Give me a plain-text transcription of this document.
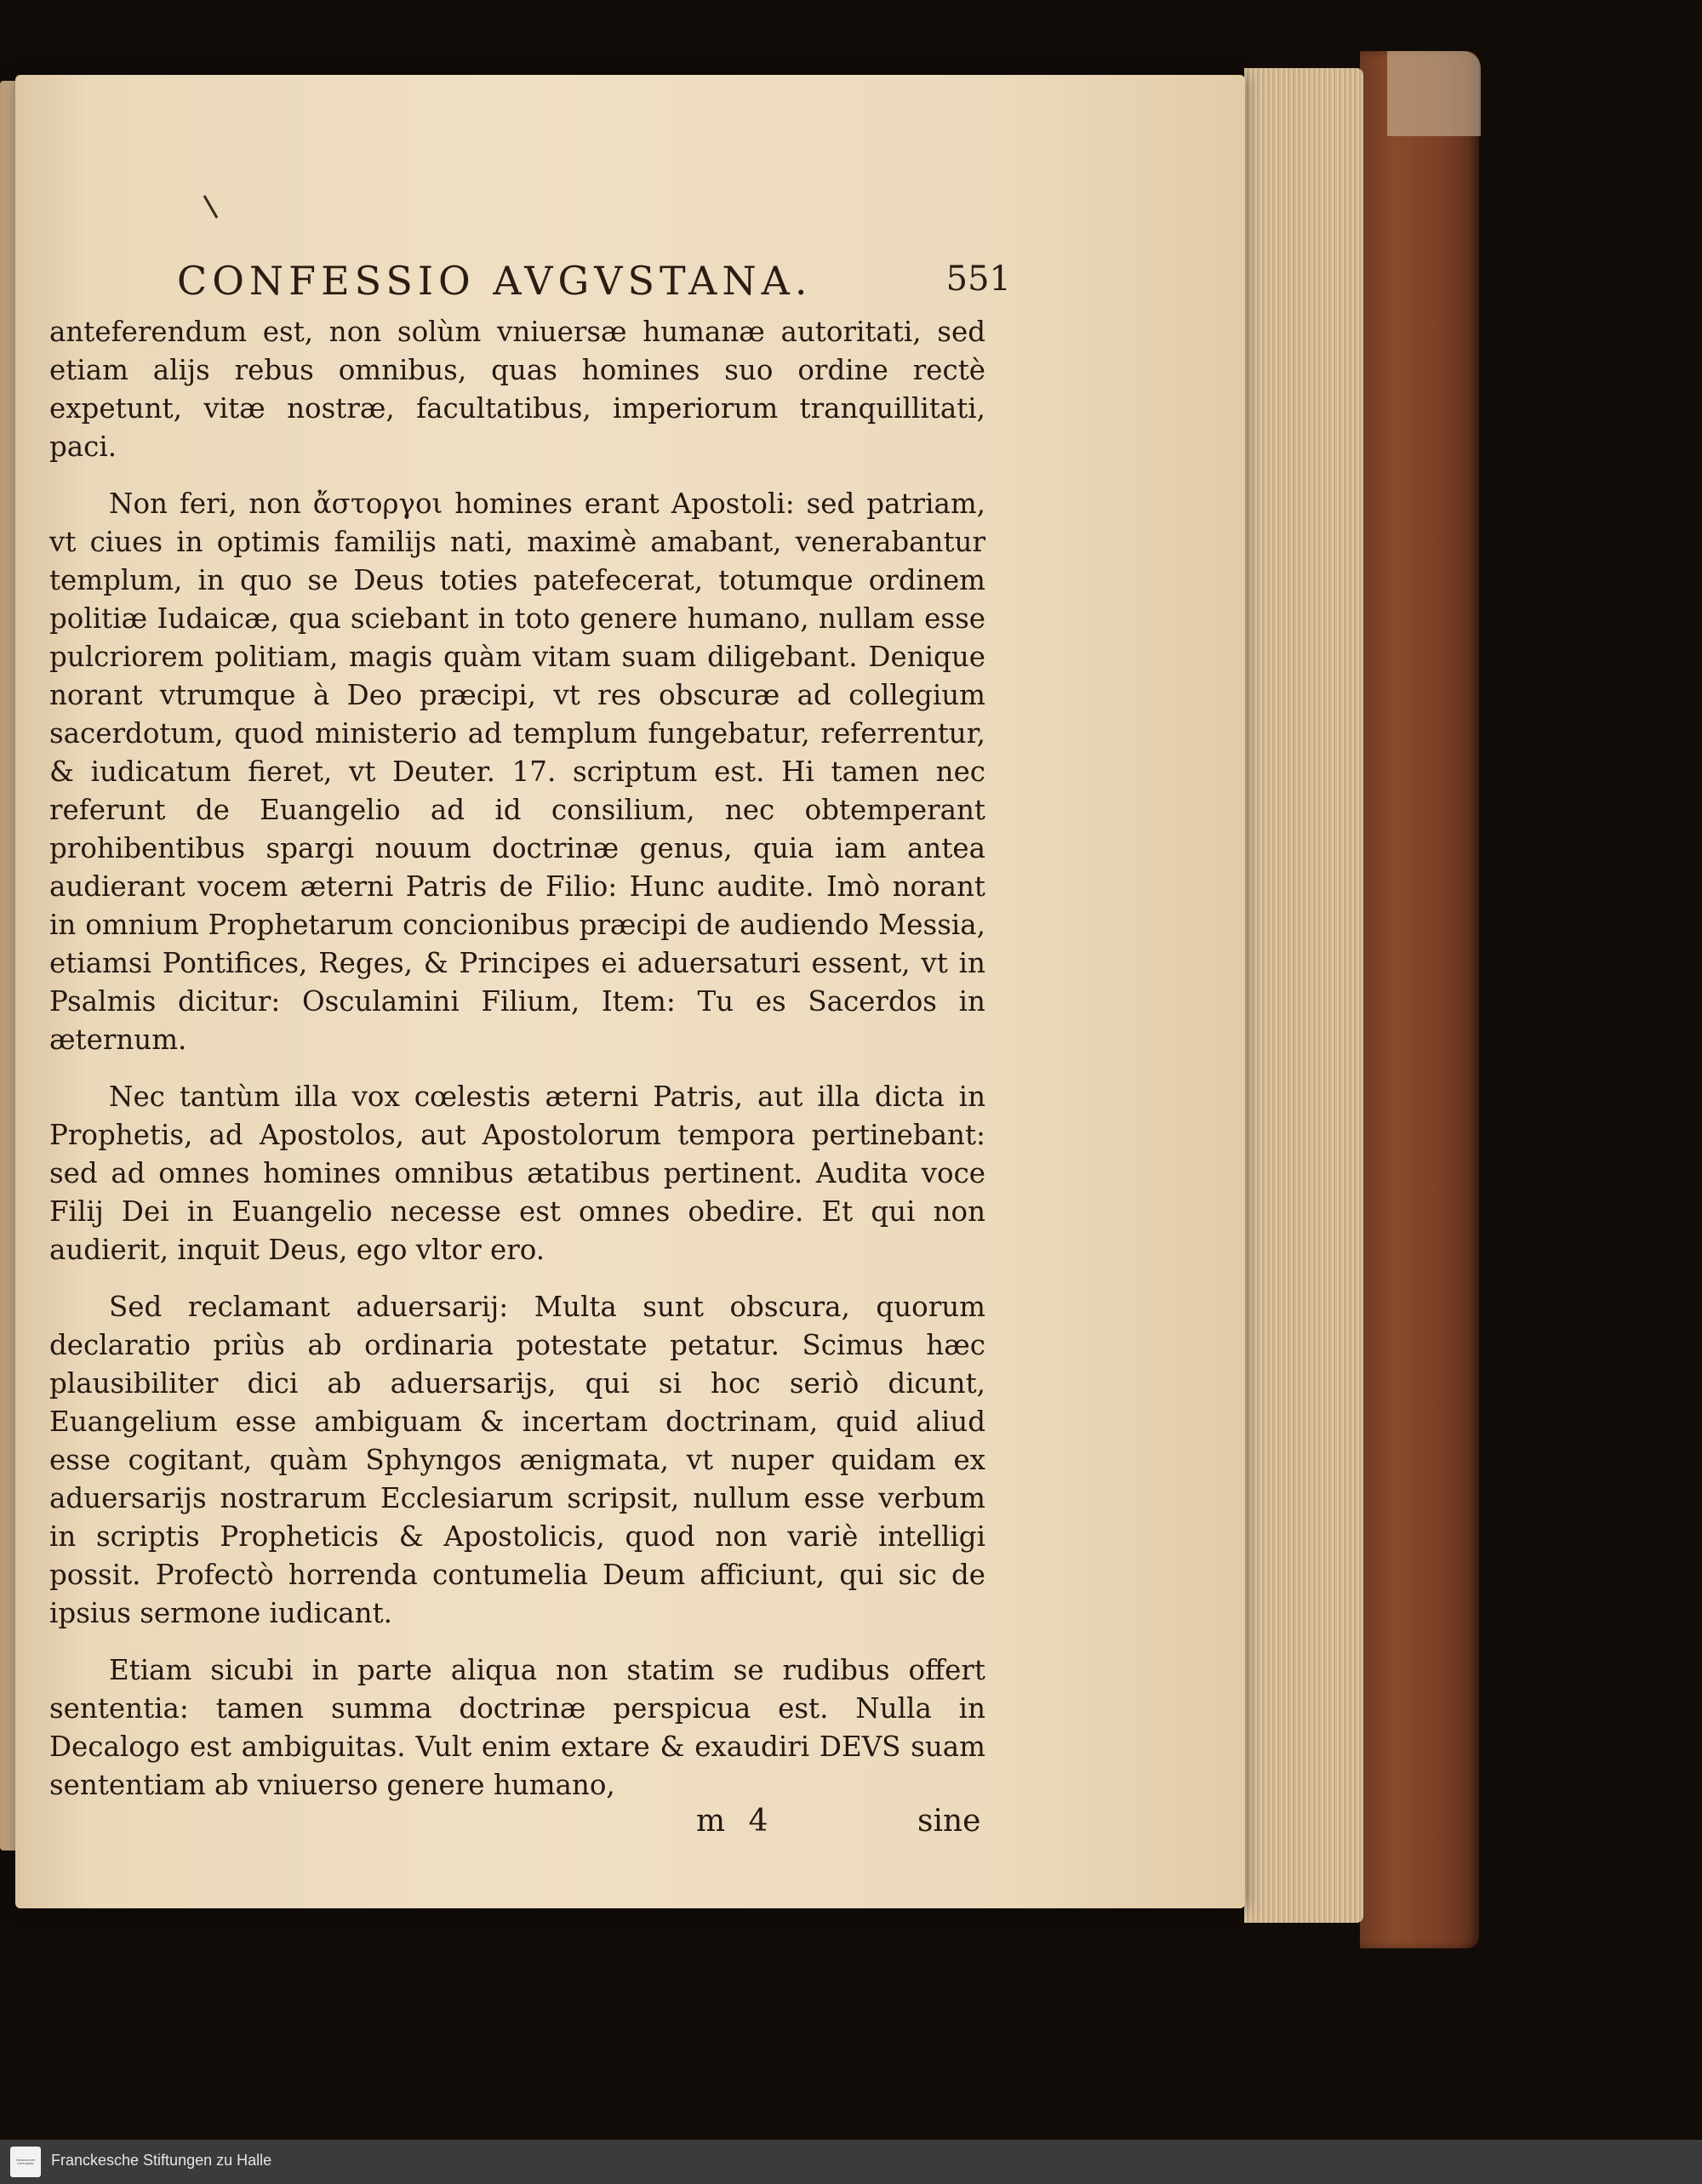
CONFESSIO AVGVSTANA.	551

anteferendum est, non solùm vniuersæ humanæ autoritati, sed etiam alijs rebus omnibus, quas homines suo ordine rectè expetunt, vitæ nostræ, facultatibus, imperiorum tranquillitati, paci.

Non feri, non ἄστοργοι homines erant Apostoli: sed patriam, vt ciues in optimis familijs nati, maximè amabant, venerabantur templum, in quo se Deus toties patefecerat, totumque ordinem politiæ Iudaicæ, qua sciebant in toto genere humano, nullam esse pulcriorem politiam, magis quàm vitam suam diligebant. Denique norant vtrumque à Deo præcipi, vt res obscuræ ad collegium sacerdotum, quod ministerio ad templum fungebatur, referrentur, & iudicatum fieret, vt Deuter. 17. scriptum est. Hi tamen nec referunt de Euangelio ad id consilium, nec obtemperant prohibentibus spargi nouum doctrinæ genus, quia iam antea audierant vocem æterni Patris de Filio: Hunc audite. Imò norant in omnium Prophetarum concionibus præcipi de audiendo Messia, etiamsi Pontifices, Reges, & Principes ei aduersaturi essent, vt in Psalmis dicitur: Osculamini Filium, Item: Tu es Sacerdos in æternum.

Nec tantùm illa vox cœlestis æterni Patris, aut illa dicta in Prophetis, ad Apostolos, aut Apostolorum tempora pertinebant: sed ad omnes homines omnibus ætatibus pertinent. Audita voce Filij Dei in Euangelio necesse est omnes obedire. Et qui non audierit, inquit Deus, ego vltor ero.

Sed reclamant aduersarij: Multa sunt obscura, quorum declaratio priùs ab ordinaria potestate petatur. Scimus hæc plausibiliter dici ab aduersarijs, qui si hoc seriò dicunt, Euangelium esse ambiguam & incertam doctrinam, quid aliud esse cogitant, quàm Sphyngos ænigmata, vt nuper quidam ex aduersarijs nostrarum Ecclesiarum scripsit, nullum esse verbum in scriptis Propheticis & Apostolicis, quod non variè intelligi possit. Profectò horrenda contumelia Deum afficiunt, qui sic de ipsius sermone iudicant.

Etiam sicubi in parte aliqua non statim se rudibus offert sententia: tamen summa doctrinæ perspicua est. Nulla in Decalogo est ambiguitas. Vult enim extare & exaudiri DEVS suam sententiam ab vniuerso genere humano,

m 4	sine
FRANCKESCHE STIFTUNGEN	Franckesche Stiftungen zu Halle
